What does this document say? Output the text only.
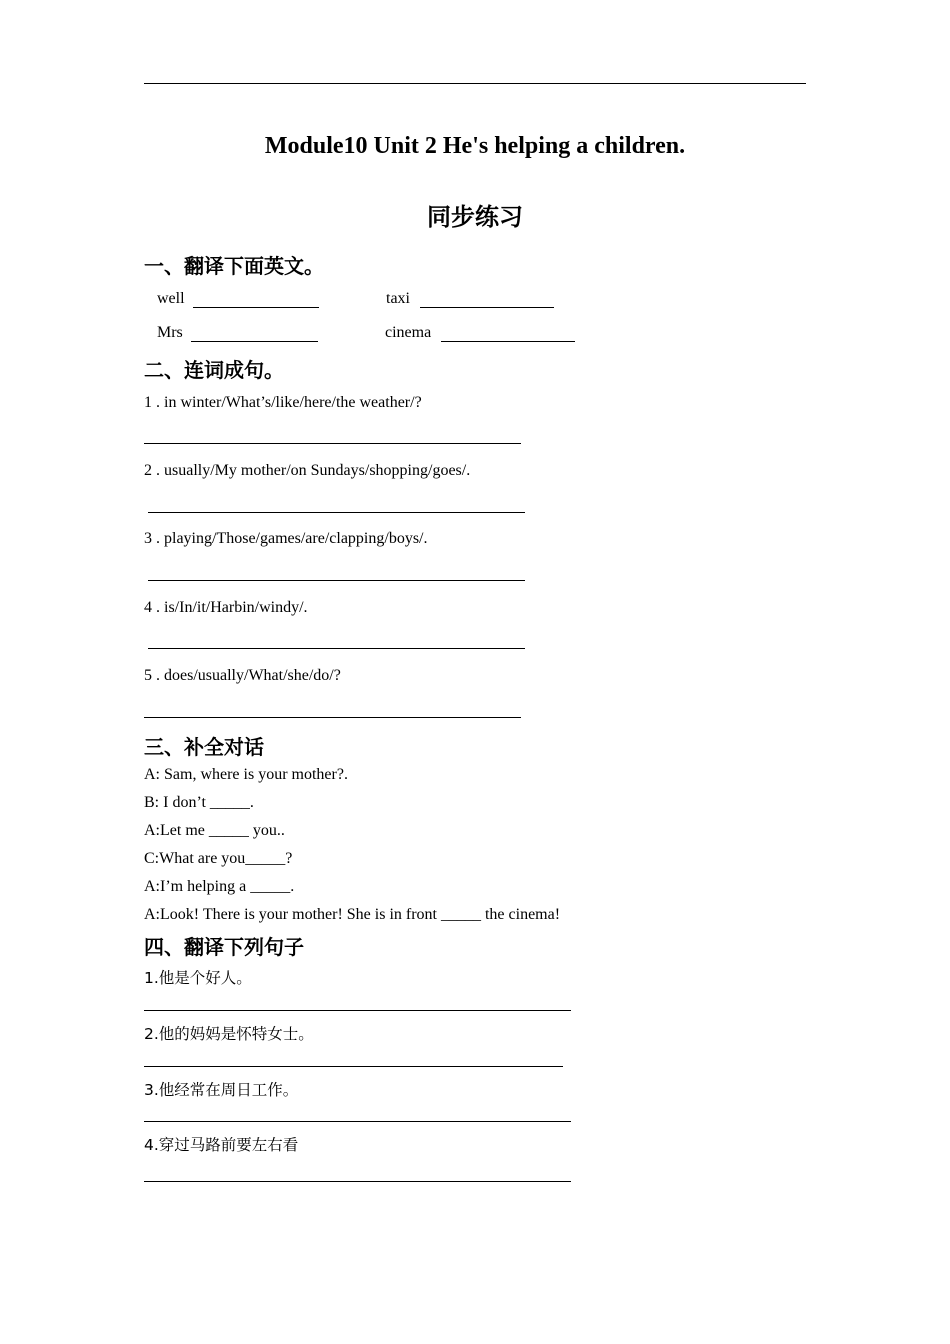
Module10 Unit 2 He's helping a children.
同步练习
一、翻译下面英文。
well	taxi
Mrs	cinema
二、连词成句。
1 . in winter/What’s/like/here/the weather/?
2 . usually/My mother/on Sundays/shopping/goes/.
3 . playing/Those/games/are/clapping/boys/.
4 . is/In/it/Harbin/windy/.
5 . does/usually/What/she/do/?
三、补全对话
A: Sam, where is your mother?.
B: I don’t _____.
A:Let me _____ you..
C:What are you_____?
A:I’m helping a _____.
A:Look! There is your mother! She is in front _____ the cinema!
四、翻译下列句子
1.他是个好人。
2.他的妈妈是怀特女士。
3.他经常在周日工作。
4.穿过马路前要左右看
